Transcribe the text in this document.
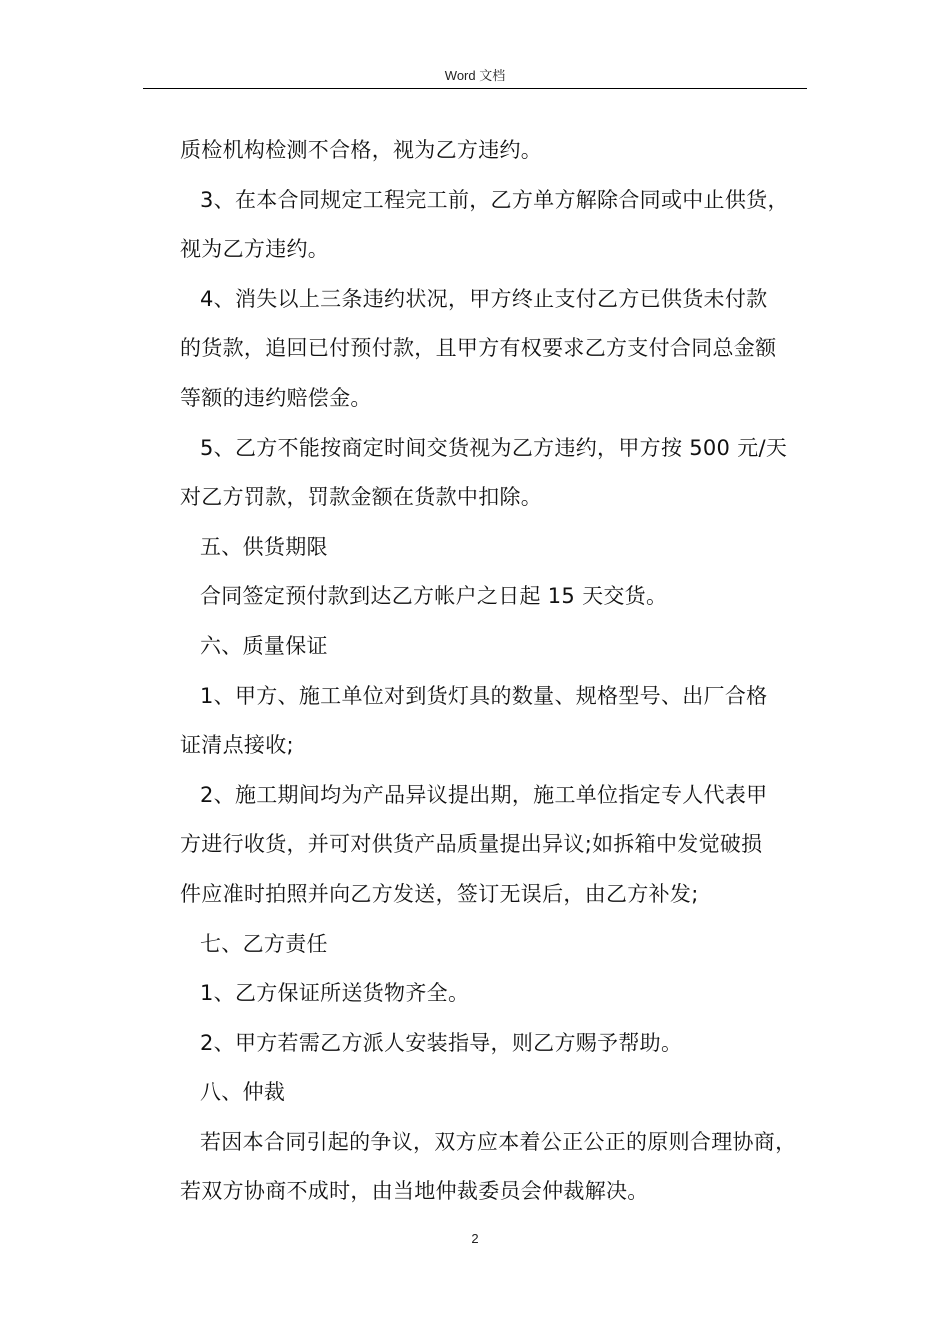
Word 文档
质检机构检测不合格，视为乙方违约。
3、在本合同规定工程完工前，乙方单方解除合同或中止供货，
视为乙方违约。
4、消失以上三条违约状况，甲方终止支付乙方已供货未付款
的货款，追回已付预付款，且甲方有权要求乙方支付合同总金额
等额的违约赔偿金。
5、乙方不能按商定时间交货视为乙方违约，甲方按 500 元/天
对乙方罚款，罚款金额在货款中扣除。
五、供货期限
合同签定预付款到达乙方帐户之日起 15 天交货。
六、质量保证
1、甲方、施工单位对到货灯具的数量、规格型号、出厂合格
证清点接收;
2、施工期间均为产品异议提出期，施工单位指定专人代表甲
方进行收货，并可对供货产品质量提出异议;如拆箱中发觉破损
件应准时拍照并向乙方发送，签订无误后，由乙方补发;
七、乙方责任
1、乙方保证所送货物齐全。
2、甲方若需乙方派人安装指导，则乙方赐予帮助。
八、仲裁
若因本合同引起的争议，双方应本着公正公正的原则合理协商，
若双方协商不成时，由当地仲裁委员会仲裁解决。
2
